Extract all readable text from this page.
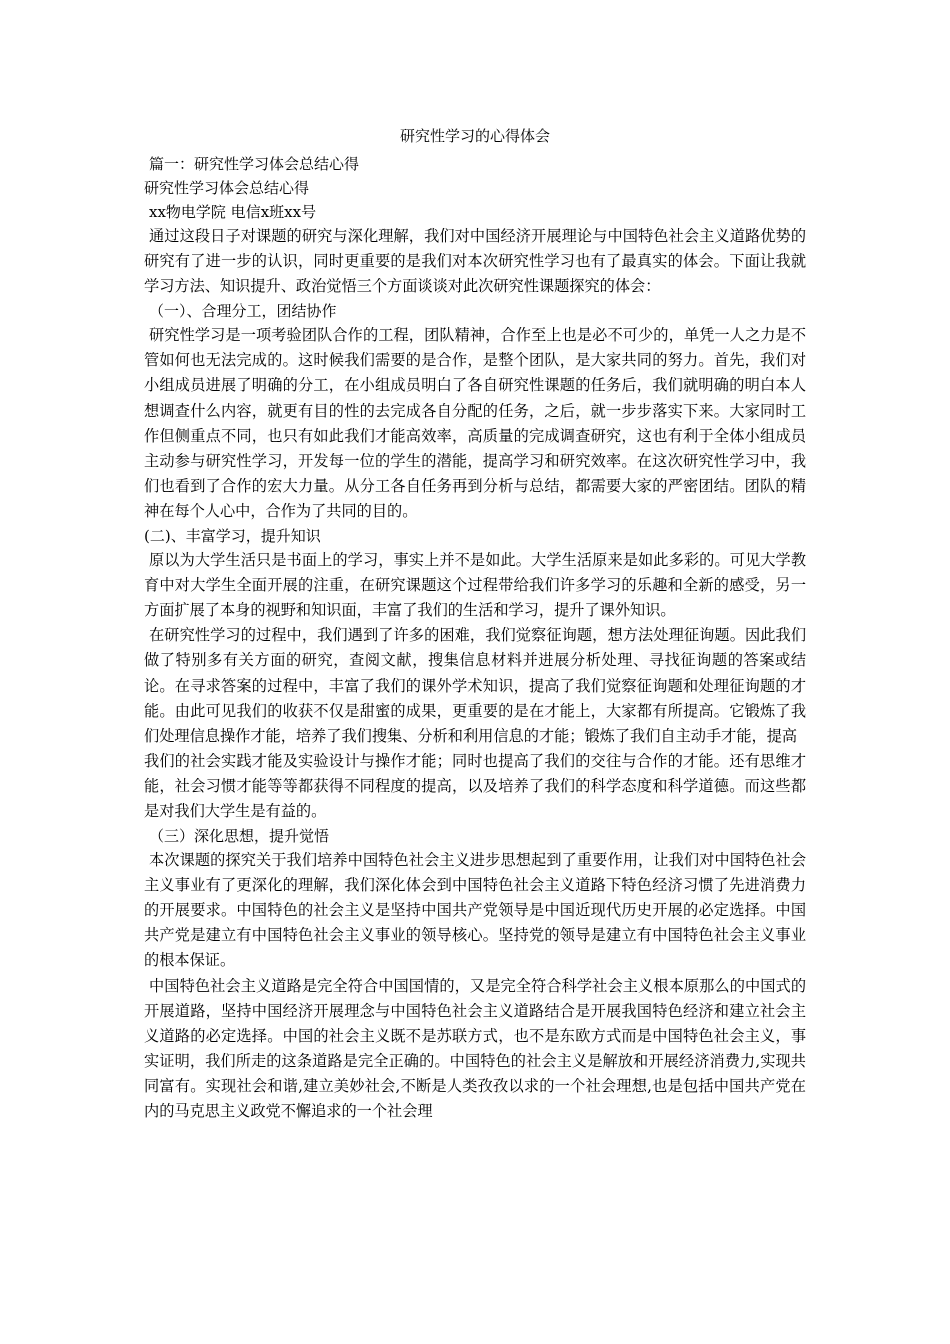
研究性学习的心得体会
篇一：研究性学习体会总结心得
研究性学习体会总结心得
xx物电学院 电信x班xx号

通过这段日子对课题的研究与深化理解，我们对中国经济开展理论与中国特色社会主义道路优势的研究有了进一步的认识，同时更重要的是我们对本次研究性学习也有了最真实的体会。下面让我就学习方法、知识提升、政治觉悟三个方面谈谈对此次研究性课题探究的体会：

（一）、合理分工，团结协作

研究性学习是一项考验团队合作的工程，团队精神，合作至上也是必不可少的，单凭一人之力是不管如何也无法完成的。这时候我们需要的是合作，是整个团队，是大家共同的努力。首先，我们对小组成员进展了明确的分工，在小组成员明白了各自研究性课题的任务后，我们就明确的明白本人想调查什么内容，就更有目的性的去完成各自分配的任务，之后，就一步步落实下来。大家同时工作但侧重点不同，也只有如此我们才能高效率，高质量的完成调查研究，这也有利于全体小组成员主动参与研究性学习，开发每一位的学生的潜能，提高学习和研究效率。在这次研究性学习中，我们也看到了合作的宏大力量。从分工各自任务再到分析与总结，都需要大家的严密团结。团队的精神在每个人心中，合作为了共同的目的。

(二)、丰富学习，提升知识

原以为大学生活只是书面上的学习，事实上并不是如此。大学生活原来是如此多彩的。可见大学教育中对大学生全面开展的注重，在研究课题这个过程带给我们许多学习的乐趣和全新的感受，另一方面扩展了本身的视野和知识面，丰富了我们的生活和学习，提升了课外知识。

在研究性学习的过程中，我们遇到了许多的困难，我们觉察征询题，想方法处理征询题。因此我们做了特别多有关方面的研究，查阅文献，搜集信息材料并进展分析处理、寻找征询题的答案或结论。在寻求答案的过程中，丰富了我们的课外学术知识，提高了我们觉察征询题和处理征询题的才能。由此可见我们的收获不仅是甜蜜的成果，更重要的是在才能上，大家都有所提高。它锻炼了我们处理信息操作才能，培养了我们搜集、分析和利用信息的才能；锻炼了我们自主动手才能，提高

我们的社会实践才能及实验设计与操作才能；同时也提高了我们的交往与合作的才能。还有思维才能，社会习惯才能等等都获得不同程度的提高，以及培养了我们的科学态度和科学道德。而这些都是对我们大学生是有益的。

（三）深化思想，提升觉悟

本次课题的探究关于我们培养中国特色社会主义进步思想起到了重要作用，让我们对中国特色社会主义事业有了更深化的理解，我们深化体会到中国特色社会主义道路下特色经济习惯了先进消费力的开展要求。中国特色的社会主义是坚持中国共产党领导是中国近现代历史开展的必定选择。中国共产党是建立有中国特色社会主义事业的领导核心。坚持党的领导是建立有中国特色社会主义事业的根本保证。

中国特色社会主义道路是完全符合中国国情的，又是完全符合科学社会主义根本原那么的中国式的开展道路，坚持中国经济开展理念与中国特色社会主义道路结合是开展我国特色经济和建立社会主义道路的必定选择。中国的社会主义既不是苏联方式，也不是东欧方式而是中国特色社会主义，事实证明，我们所走的这条道路是完全正确的。中国特色的社会主义是解放和开展经济消费力,实现共同富有。实现社会和谐,建立美妙社会,不断是人类孜孜以求的一个社会理想,也是包括中国共产党在内的马克思主义政党不懈追求的一个社会理
